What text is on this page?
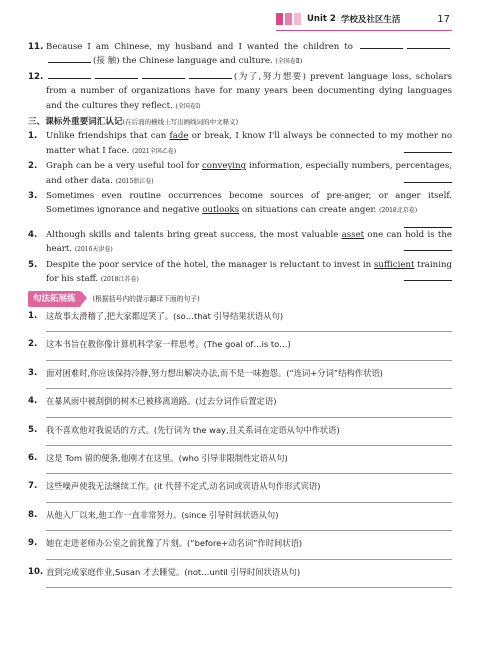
Unit 2 学校及社区生活	17
11. Because I am Chinese, my husband and I wanted the children to (接 触) the Chinese language and culture. (全国卷Ⅱ)
12.	(为了,努力想要) prevent language loss, scholars from a number of organizations have for many years been documenting dying languages and the cultures they reflect. (全国卷Ⅰ)
三、课标外重要词汇认记(在后面的横线上写出画线词的中文释义)
1.	Unlike friendships that can fade or break, I know I'll always be connected to my mother no matter what I face. (2021全国乙卷)
2.	Graph can be a very useful tool for conveying information, especially numbers, percentages, and other data. (2015浙江卷)
3.	Sometimes even routine occurrences become sources of pre-anger, or anger itself. Sometimes ignorance and negative outlooks on situations can create anger. (2018北京卷)
4.	Although skills and talents bring great success, the most valuable asset one can hold is the heart. (2016天津卷)
5.	Despite the poor service of the hotel, the manager is reluctant to invest in sufficient training for his staff. (2018江苏卷)
句法拓展练	(根据括号内的提示翻译下面的句子)
1.	这故事太滑稽了,把大家都逗笑了。(so…that 引导结果状语从句)
2.	这本书旨在教你像计算机科学家一样思考。(The goal of…is to…)
3.	面对困难时,你应该保持冷静,努力想出解决办法,而不是一味抱怨。(“连词+分词”结构作状语)
4.	在暴风雨中被刮倒的树木已被移离道路。(过去分词作后置定语)
5.	我不喜欢他对我说话的方式。(先行词为 the way,且关系词在定语从句中作状语)
6.	这是 Tom 留的便条,他刚才在这里。(who 引导非限制性定语从句)
7.	这些噪声使我无法继续工作。(it 代替不定式,动名词或宾语从句作形式宾语)
8.	从他入厂以来,他工作一直非常努力。(since 引导时间状语从句)
9.	她在走进老师办公室之前犹豫了片刻。(“before+动名词”作时间状语)
10. 直到完成家庭作业,Susan 才去睡觉。(not…until 引导时间状语从句)
